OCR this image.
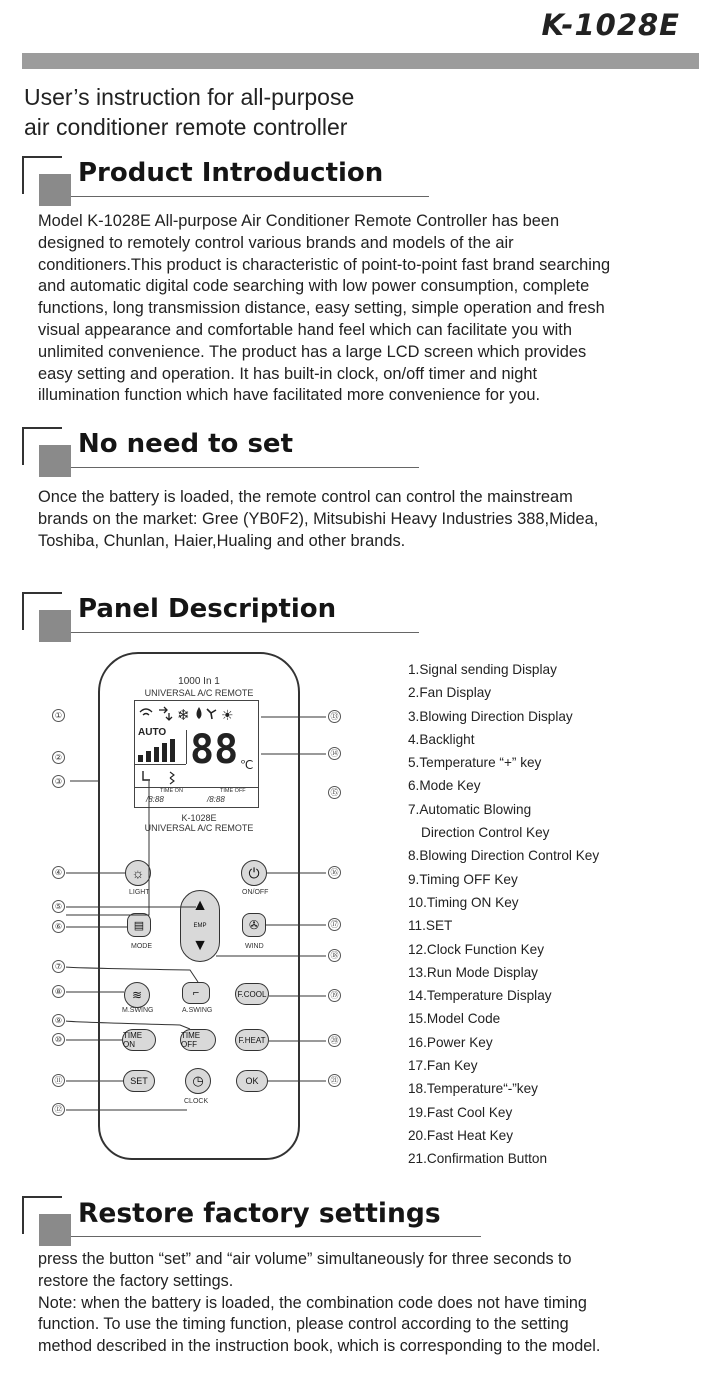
K-1028E
User’s instruction for all-purpose
air conditioner remote controller
Product Introduction
Model K-1028E All-purpose Air Conditioner Remote Controller has been
designed to remotely control various brands and models of the air
conditioners.This product is characteristic of point-to-point fast brand searching
and automatic digital code searching with low power consumption, complete
functions, long transmission distance, easy setting, simple operation and fresh
visual appearance and comfortable hand feel which can facilitate you with
unlimited convenience. The product has a large LCD screen which provides
easy setting and operation. It has built-in clock, on/off timer and night
illumination function which have facilitated more convenience for you.
No need to set
Once the battery is loaded, the remote control can control the mainstream
brands on the market: Gree (YB0F2), Mitsubishi Heavy Industries 388,Midea,
Toshiba, Chunlan, Haier,Hualing and other brands.
Panel Description
1000 In 1
UNIVERSAL A/C REMOTE
❄ ☀
AUTO 88 ℃
TIME ON	TIME OFF
/8:88	/8:88
K-1028E
UNIVERSAL A/C REMOTE
☼
LIGHT
⏻
ON/OFF
▲
EMP
▼
▤
MODE
✇
WIND
≋
M.SWING
⌐
A.SWING
F.COOL
TIME ON
TIME OFF	F.HEAT
SET	◷
CLOCK
OK
①
②
③
④
⑤
⑥
⑦
⑧
⑨
⑩
⑪
⑫
⑬
⑭
⑮
⑯
⑰
⑱
⑲
⑳
㉑
1.Signal sending Display
2.Fan Display
3.Blowing Direction Display
4.Backlight
5.Temperature “+” key
6.Mode Key
7.Automatic Blowing
Direction Control Key
8.Blowing Direction Control Key
9.Timing OFF Key
10.Timing ON Key
11.SET
12.Clock Function Key
13.Run Mode Display
14.Temperature Display
15.Model Code
16.Power Key
17.Fan Key
18.Temperature“-”key
19.Fast Cool Key
20.Fast Heat Key
21.Confirmation Button
Restore factory settings
press the button “set” and “air volume” simultaneously for three seconds to
restore the factory settings.
Note: when the battery is loaded, the combination code does not have timing
function. To use the timing function, please control according to the setting
method described in the instruction book, which is corresponding to the model.
